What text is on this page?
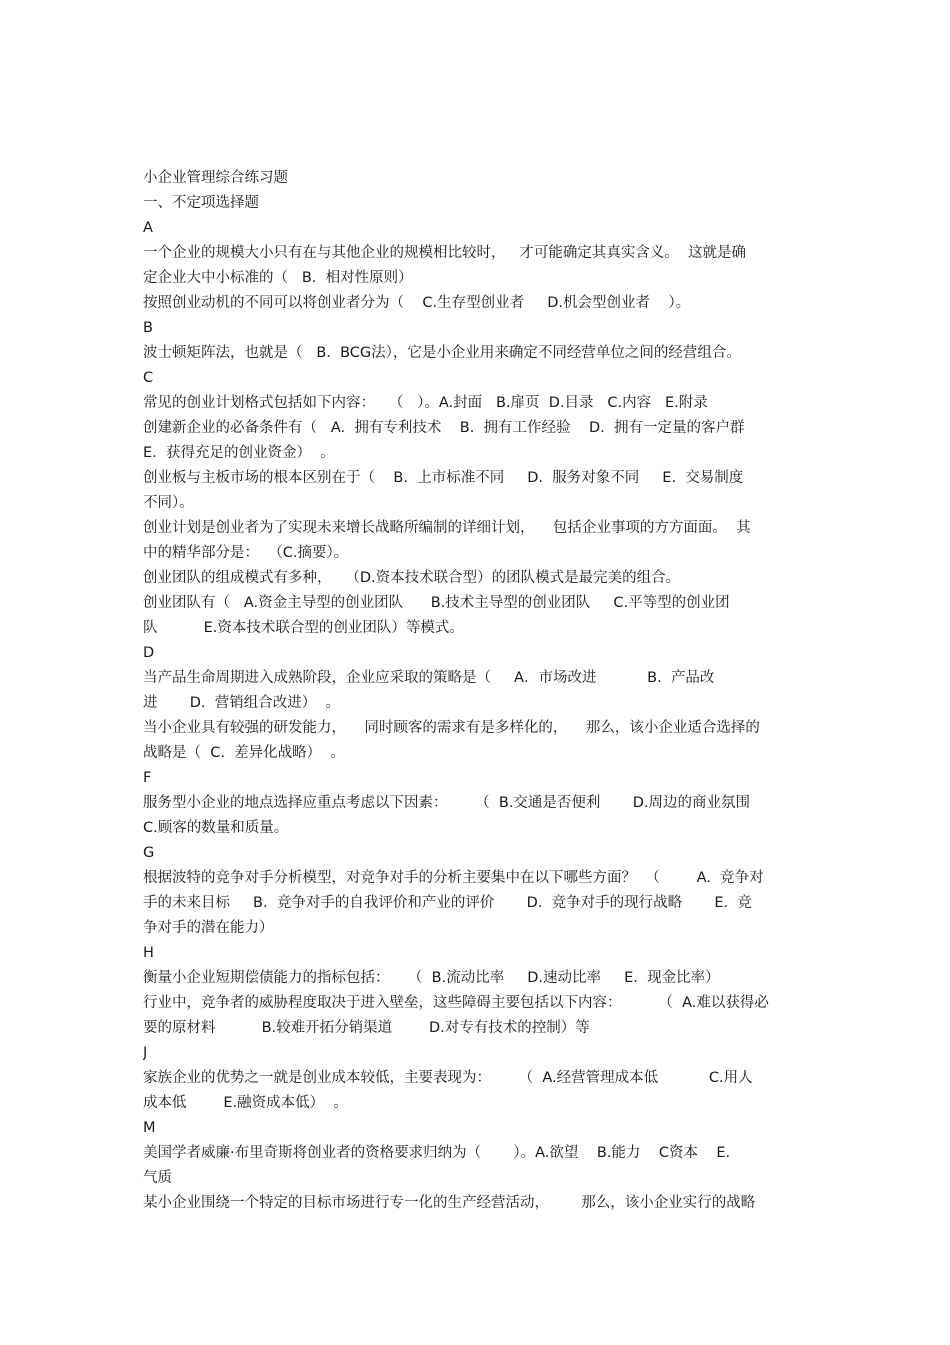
小企业管理综合练习题
一、不定项选择题
A
一个企业的规模大小只有在与其他企业的规模相比较时，   才可能确定其真实含义。  这就是确
定企业大中小标准的（   B.  相对性原则）
按照创业动机的不同可以将创业者分为（    C.生存型创业者     D.机会型创业者    ）。
B
波士顿矩阵法，也就是（   B.  BCG法），它是小企业用来确定不同经营单位之间的经营组合。
C
常见的创业计划格式包括如下内容：   （   ）。A.封面   B.扉页  D.目录   C.内容   E.附录
创建新企业的必备条件有（   A.  拥有专利技术    B.  拥有工作经验    D.  拥有一定量的客户群
E.  获得充足的创业资金）  。
创业板与主板市场的根本区别在于（    B.  上市标准不同     D.  服务对象不同     E.  交易制度
不同）。
创业计划是创业者为了实现未来增长战略所编制的详细计划，    包括企业事项的方方面面。  其
中的精华部分是：  （C.摘要）。
创业团队的组成模式有多种，   （D.资本技术联合型）的团队模式是最完美的组合。
创业团队有（   A.资金主导型的创业团队      B.技术主导型的创业团队     C.平等型的创业团
队          E.资本技术联合型的创业团队）等模式。
D
当产品生命周期进入成熟阶段，企业应采取的策略是（     A．市场改进           B.  产品改
进       D.  营销组合改进）  。
当小企业具有较强的研发能力，    同时顾客的需求有是多样化的，    那么，该小企业适合选择的
战略是（  C.  差异化战略）  。
F
服务型小企业的地点选择应重点考虑以下因素：      （  B.交通是否便利       D.周边的商业氛围
C.顾客的数量和质量。
G
根据波特的竞争对手分析模型，对竞争对手的分析主要集中在以下哪些方面？  （        A.  竞争对
手的未来目标     B.  竞争对手的自我评价和产业的评价       D.  竞争对手的现行战略       E.  竞
争对手的潜在能力）
H
衡量小企业短期偿债能力的指标包括：    （  B.流动比率     D.速动比率     E.  现金比率）
行业中，竞争者的威胁程度取决于进入壁垒，这些障碍主要包括以下内容：        （  A.难以获得必
要的原材料          B.较难开拓分销渠道        D.对专有技术的控制）等
J
家族企业的优势之一就是创业成本较低，主要表现为：      （  A.经营管理成本低           C.用人
成本低        E.融资成本低）  。
M
美国学者威廉·布里奇斯将创业者的资格要求归纳为（       ）。A.欲望    B.能力    C资本    E.
气质
某小企业围绕一个特定的目标市场进行专一化的生产经营活动，       那么，该小企业实行的战略
